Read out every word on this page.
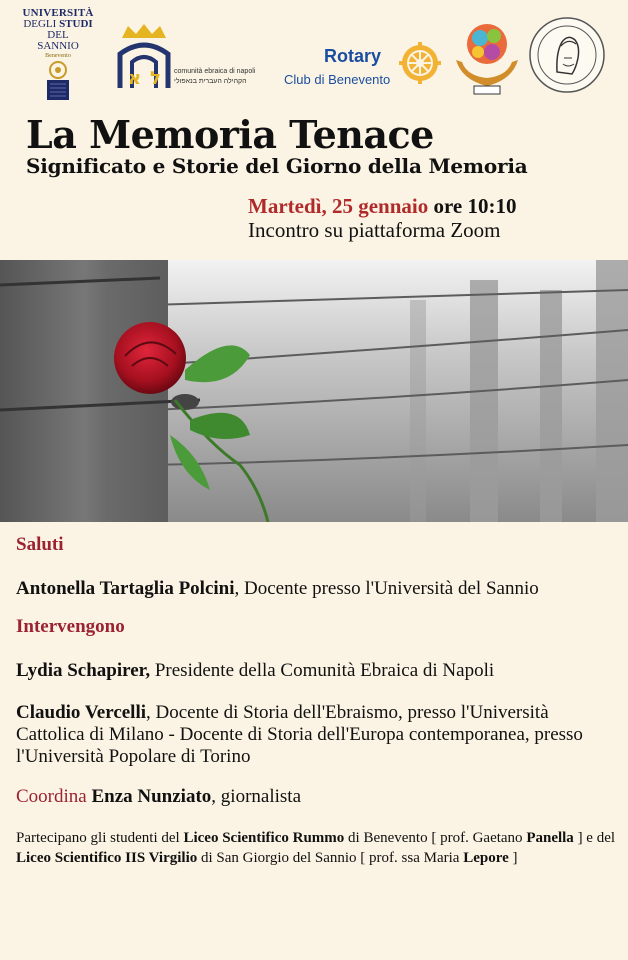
UNIVERSITÀ
DEGLI STUDI
DEL
SANNIO
Benevento
א ל comunità ebraica di napoli
הקהילה העברית בנאפולי
Rotary
Club di Benevento
La Memoria Tenace
Significato e Storie del Giorno della Memoria
Martedì, 25 gennaio ore 10:10
Incontro su piattaforma Zoom

Saluti

Antonella Tartaglia Polcini, Docente presso l'Università del Sannio

Intervengono

Lydia Schapirer, Presidente della Comunità Ebraica di Napoli

Claudio Vercelli, Docente di Storia dell'Ebraismo, presso l'Università Cattolica di Milano - Docente di Storia dell'Europa contemporanea, presso l'Università Popolare di Torino

Coordina Enza Nunziato, giornalista

Partecipano gli studenti del Liceo Scientifico Rummo di Benevento [ prof. Gaetano Panella ] e del Liceo Scientifico IIS Virgilio di San Giorgio del Sannio [ prof. ssa Maria Lepore ]
